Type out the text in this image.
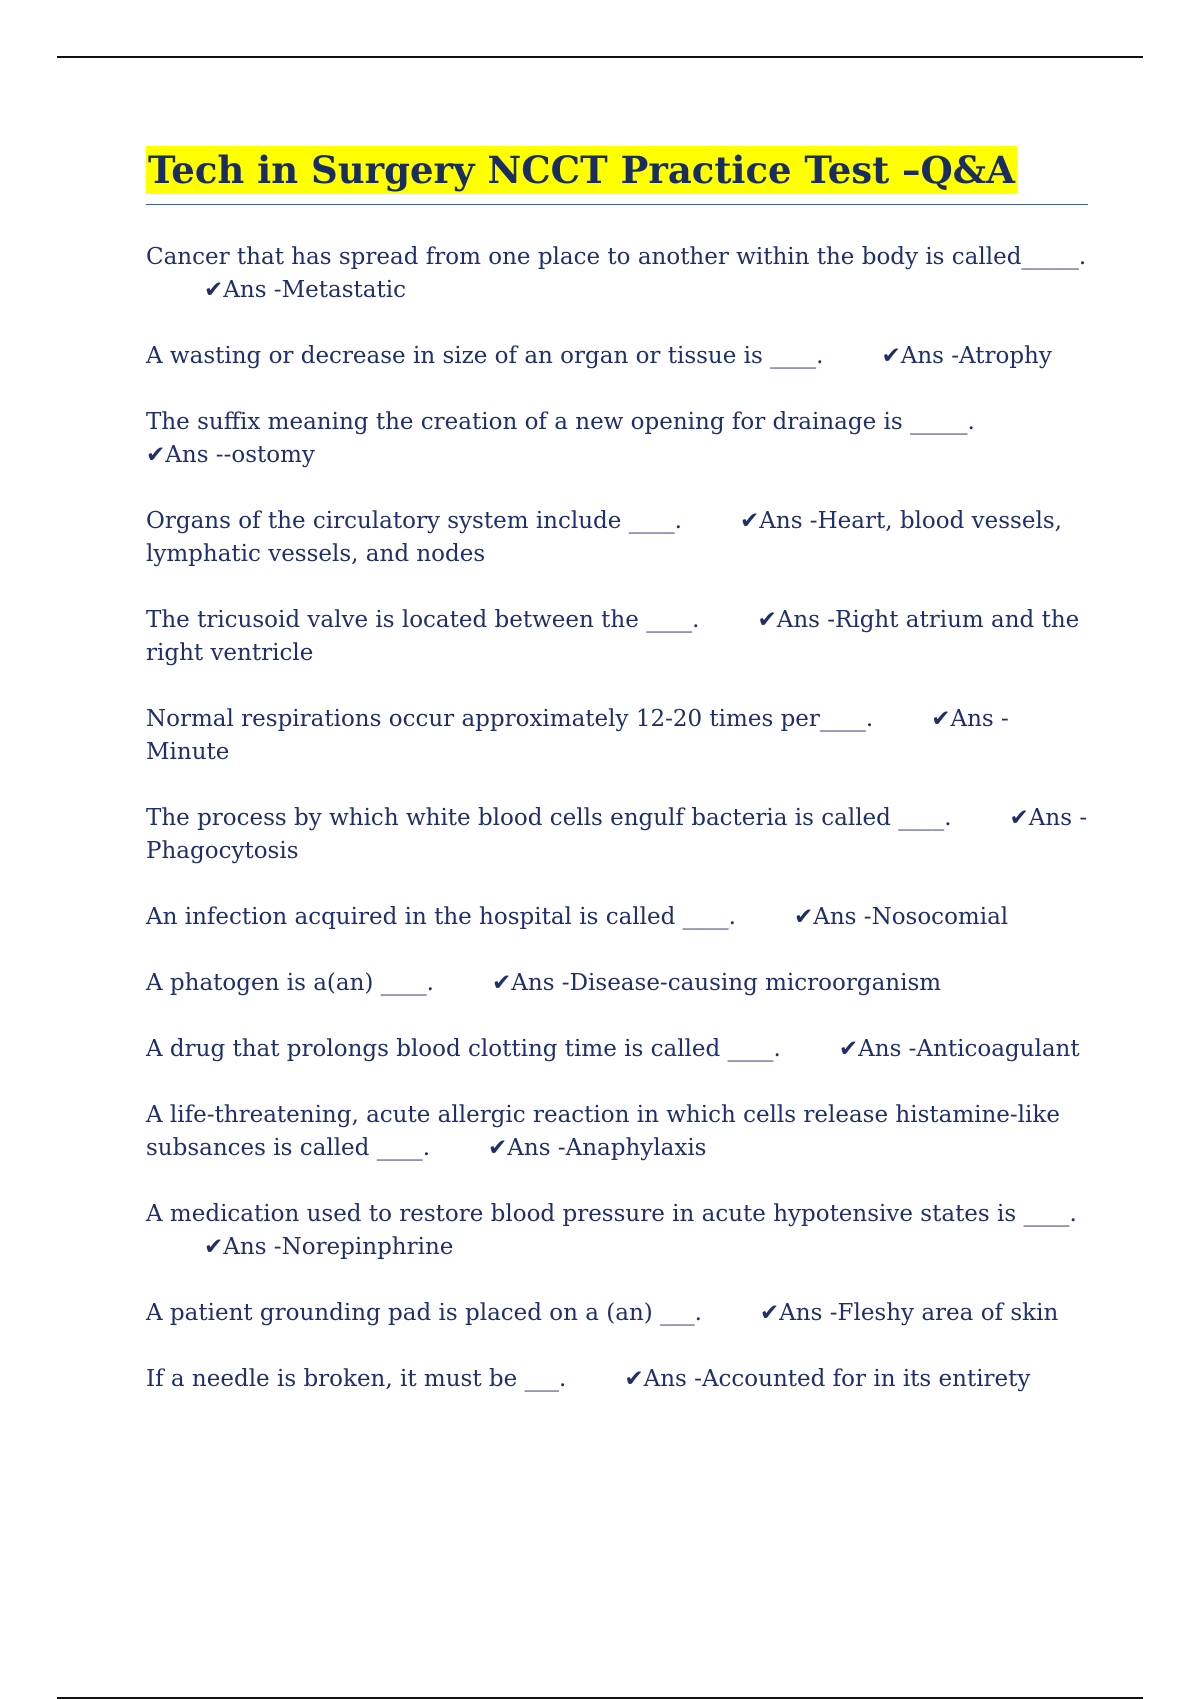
Tech in Surgery NCCT Practice Test –Q&A
Cancer that has spread from one place to another within the body is called_____.✔Ans -Metastatic
A wasting or decrease in size of an organ or tissue is ____.	✔Ans -Atrophy
The suffix meaning the creation of a new opening for drainage is _____.✔Ans --ostomy
Organs of the circulatory system include ____.	✔Ans -Heart, blood vessels, lymphatic vessels, and nodes
The tricusoid valve is located between the ____.	✔Ans -Right atrium and the right ventricle
Normal respirations occur approximately 12-20 times per____.	✔Ans -Minute
The process by which white blood cells engulf bacteria is called ____.	✔Ans -Phagocytosis
An infection acquired in the hospital is called ____.	✔Ans -Nosocomial
A phatogen is a(an) ____.	✔Ans -Disease-causing microorganism
A drug that prolongs blood clotting time is called ____.	✔Ans -Anticoagulant
A life-threatening, acute allergic reaction in which cells release histamine-like subsances is called ____.	✔Ans -Anaphylaxis
A medication used to restore blood pressure in acute hypotensive states is ____.✔Ans -Norepinphrine
A patient grounding pad is placed on a (an) ___.	✔Ans -Fleshy area of skin
If a needle is broken, it must be ___.	✔Ans -Accounted for in its entirety
